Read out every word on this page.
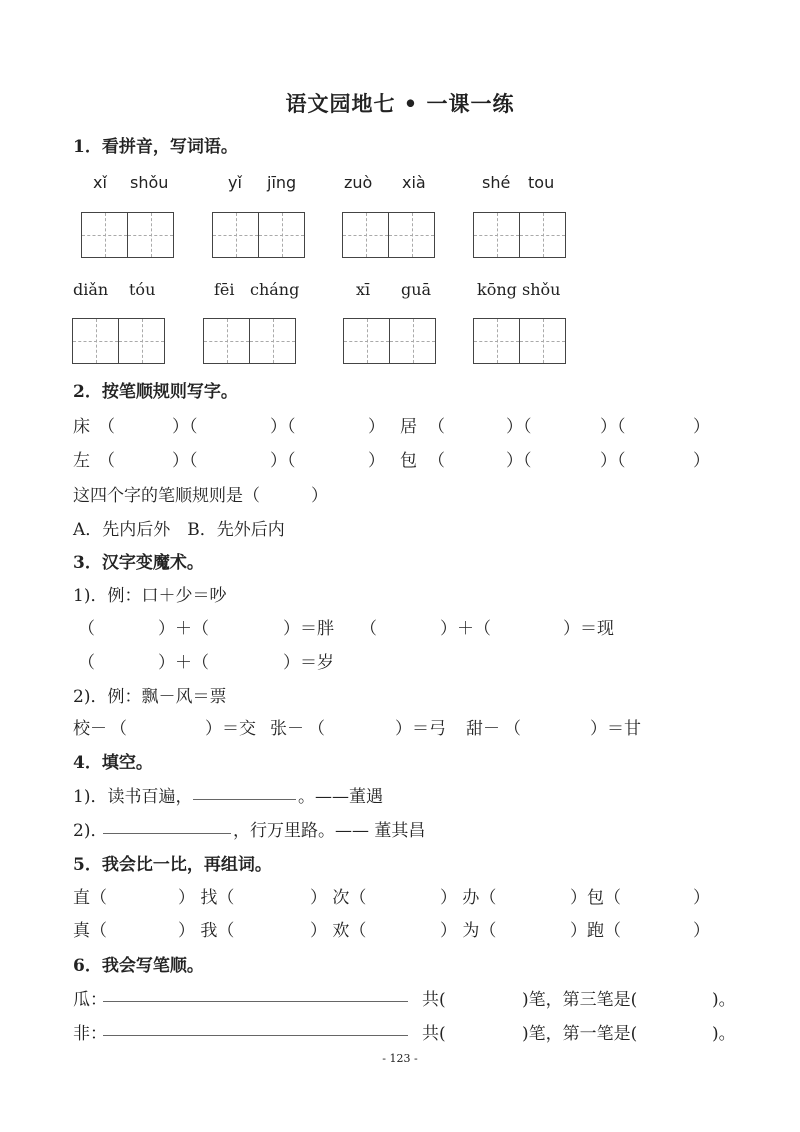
语文园地七 • 一课一练
1．看拼音，写词语。
xǐ shǒu	yǐ jīng	zuò xià	shé tou
diǎn tóu	fēi cháng	xī guā	kōng shǒu
2．按笔顺规则写字。
床 （	）（	）（	） 居 （	）（	）（	）
左 （	）（	）（	） 包 （	）（	）（	）
这四个字的笔顺规则是（　　　）
A．先内后外　B．先外后内
3．汉字变魔术。
1)．例：口＋少＝吵
（	）＋（	）＝胖 （	）＋（	）＝现
（	）＋（	）＝岁
2)．例：飘－风＝票
校－ （	）＝交 张－ （	）＝弓 甜－ （	）＝甘
4．填空。
1)．读书百遍，	。——董遇
2)．	，行万里路。—— 董其昌
5．我会比一比，再组词。
直（	） 找（	） 次（	） 办（	）包（	）
真（	） 我（	） 欢（	） 为（	）跑（	）
6．我会写笔顺。
瓜：	共(	)笔，第三笔是(	)。
非：	共(	)笔，第一笔是(	)。
- 123 -
